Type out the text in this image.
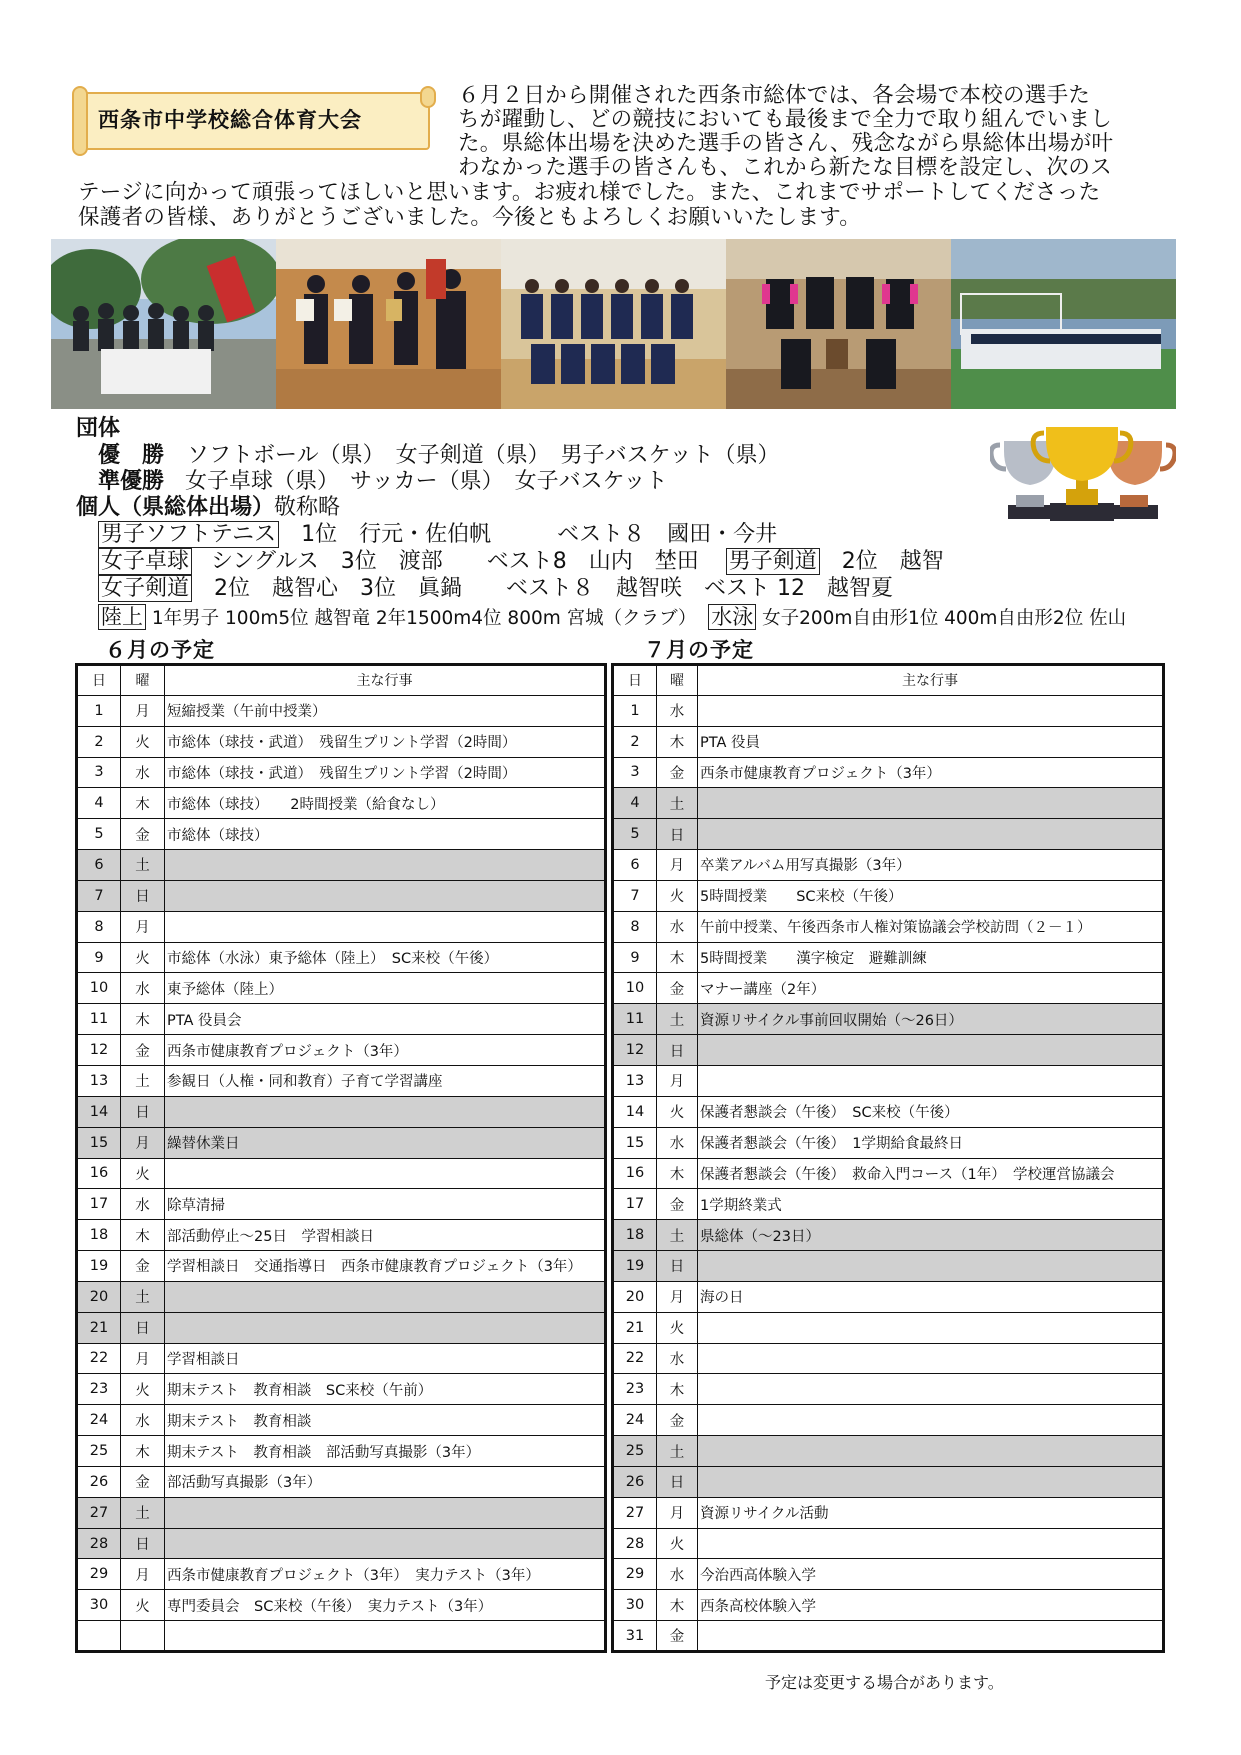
西条市中学校総合体育大会
６月２日から開催された西条市総体では、各会場で本校の選手た
ちが躍動し、どの競技においても最後まで全力で取り組んでいまし
た。県総体出場を決めた選手の皆さん、残念ながら県総体出場が叶
わなかった選手の皆さんも、これから新たな目標を設定し、次のス
テージに向かって頑張ってほしいと思います。お疲れ様でした。また、これまでサポートしてくださった
保護者の皆様、ありがとうございました。今後ともよろしくお願いいたします。
団体
優　勝 ソフトボール（県）　女子剣道（県）　男子バスケット（県）
準優勝 女子卓球（県）　サッカー（県）　女子バスケット
個人（県総体出場）敬称略
男子ソフトテニス　1位　行元・佐伯帆　　　ベスト８　國田・今井
女子卓球 シングルス　3位　渡部　　ベスト8　山内　埜田 男子剣道　2位　越智
女子剣道　2位　越智心　3位　眞鍋　　ベスト８　越智咲　ベスト 12　越智夏
陸上 1年男子 100m5位 越智竜 2年1500m4位 800m 宮城（クラブ） 水泳 女子200m自由形1位 400m自由形2位 佐山
６月の予定	７月の予定
日	曜	主な行事
1	月	短縮授業（午前中授業）
2	火	市総体（球技・武道）　残留生プリント学習（2時間）
3	水	市総体（球技・武道）　残留生プリント学習（2時間）
4	木	市総体（球技）　　2時間授業（給食なし）
5	金	市総体（球技）
6	土	
7	日	
8	月	
9	火	市総体（水泳）東予総体（陸上）　SC来校（午後）
10	水	東予総体（陸上）
11	木	PTA 役員会
12	金	西条市健康教育プロジェクト（3年）
13	土	参観日（人権・同和教育）子育て学習講座
14	日	
15	月	繰替休業日
16	火	
17	水	除草清掃
18	木	部活動停止～25日　学習相談日
19	金	学習相談日　交通指導日　西条市健康教育プロジェクト（3年）
20	土	
21	日	
22	月	学習相談日
23	火	期末テスト　教育相談　SC来校（午前）
24	水	期末テスト　教育相談
25	木	期末テスト　教育相談　部活動写真撮影（3年）
26	金	部活動写真撮影（3年）
27	土	
28	日	
29	月	西条市健康教育プロジェクト（3年）　実力テスト（3年）
30	火	専門委員会　SC来校（午後）　実力テスト（3年）

日	曜	主な行事
1	水	
2	木	PTA 役員
3	金	西条市健康教育プロジェクト（3年）
4	土	
5	日	
6	月	卒業アルバム用写真撮影（3年）
7	火	5時間授業　　SC来校（午後）
8	水	午前中授業、午後西条市人権対策協議会学校訪問（２－１）
9	木	5時間授業　　漢字検定　避難訓練
10	金	マナー講座（2年）
11	土	資源リサイクル事前回収開始（～26日）
12	日	
13	月	
14	火	保護者懇談会（午後）　SC来校（午後）
15	水	保護者懇談会（午後）　1学期給食最終日
16	木	保護者懇談会（午後）　救命入門コース（1年）　学校運営協議会
17	金	1学期終業式
18	土	県総体（～23日）
19	日	
20	月	海の日
21	火	
22	水	
23	木	
24	金	
25	土	
26	日	
27	月	資源リサイクル活動
28	火	
29	水	今治西高体験入学
30	木	西条高校体験入学
31	金	
予定は変更する場合があります。
